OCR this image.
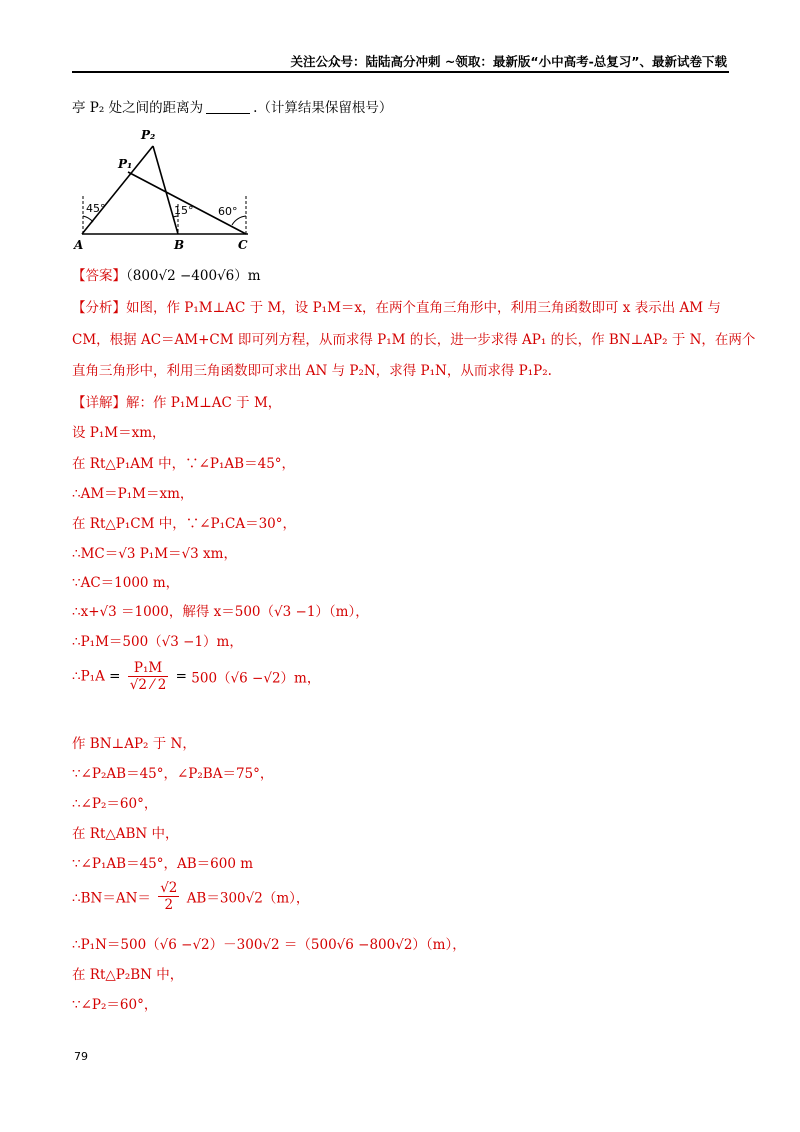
关注公众号：陆陆高分冲刺 ~领取：最新版“小中高考-总复习”、最新试卷下载
亭 P₂ 处之间的距离为	.（计算结果保留根号）
P₂
P₁
A	B	C
45°	15° 60°
【答案】（800√2 −400√6）m
【分析】如图，作 P₁M⊥AC 于 M，设 P₁M＝x，在两个直角三角形中，利用三角函数即可 x 表示出 AM 与
CM，根据 AC＝AM+CM 即可列方程，从而求得 P₁M 的长，进一步求得 AP₁ 的长，作 BN⊥AP₂ 于 N，在两个
直角三角形中，利用三角函数即可求出 AN 与 P₂N，求得 P₁N，从而求得 P₁P₂.
【详解】解：作 P₁M⊥AC 于 M，
设 P₁M＝xm，
在 Rt△P₁AM 中，∵∠P₁AB＝45°，
∴AM＝P₁M＝xm，
在 Rt△P₁CM 中，∵∠P₁CA＝30°，
∴MC＝√3 P₁M＝√3 xm，
∵AC＝1000 m，
∴x+√3 ＝1000，解得 x＝500（√3 −1）（m），
∴P₁M＝500（√3 −1）m，
∴P₁A = $\frac{\text{P₁M}}{√2 ⁄ 2} = 500(√6 -√2)m$，
作 BN⊥AP₂ 于 N，
∵∠P₂AB＝45°，∠P₂BA＝75°，
∴∠P₂＝60°，
在 Rt△ABN 中，
∵∠P₁AB＝45°，AB＝600 m
∴BN＝AN＝ $\frac{√2}{2} AB=300√2(m)$，
∴P₁N＝500（√6 −√2）－300√2 ＝（500√6 −800√2）（m），
在 Rt△P₂BN 中，
∵∠P₂＝60°，
79
